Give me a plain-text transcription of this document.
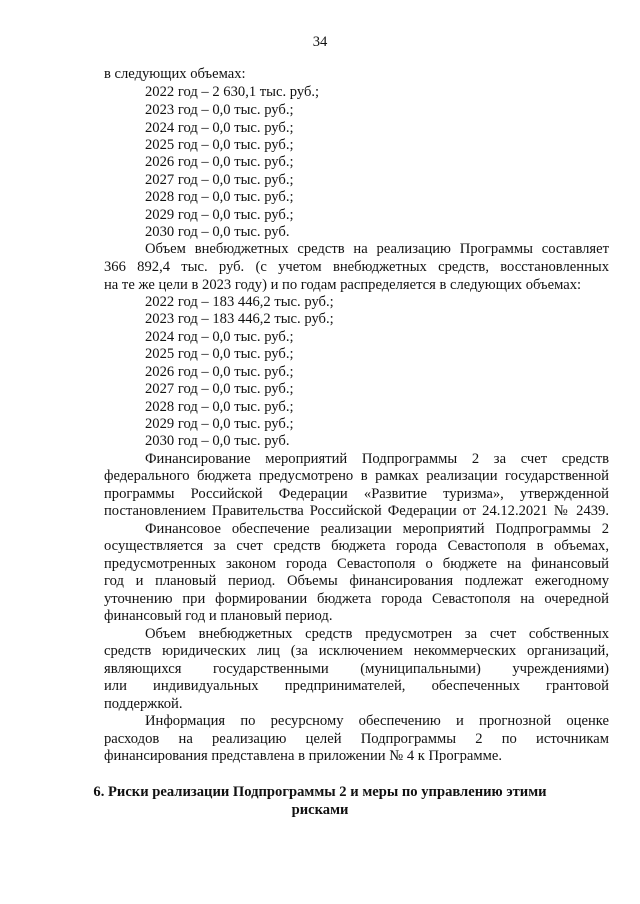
34
в следующих объемах:
2022 год – 2 630,1 тыс. руб.;
2023 год – 0,0 тыс. руб.;
2024 год – 0,0 тыс. руб.;
2025 год – 0,0 тыс. руб.;
2026 год – 0,0 тыс. руб.;
2027 год – 0,0 тыс. руб.;
2028 год – 0,0 тыс. руб.;
2029 год – 0,0 тыс. руб.;
2030 год – 0,0 тыс. руб.
Объем внебюджетных средств на реализацию Программы составляет
366 892,4 тыс. руб. (с учетом внебюджетных средств, восстановленных
на те же цели в 2023 году) и по годам распределяется в следующих объемах:
2022 год – 183 446,2 тыс. руб.;
2023 год – 183 446,2 тыс. руб.;
2024 год – 0,0 тыс. руб.;
2025 год – 0,0 тыс. руб.;
2026 год – 0,0 тыс. руб.;
2027 год – 0,0 тыс. руб.;
2028 год – 0,0 тыс. руб.;
2029 год – 0,0 тыс. руб.;
2030 год – 0,0 тыс. руб.
Финансирование мероприятий Подпрограммы 2 за счет средств
федерального бюджета предусмотрено в рамках реализации государственной
программы Российской Федерации «Развитие туризма», утвержденной
постановлением Правительства Российской Федерации от 24.12.2021 № 2439.
Финансовое обеспечение реализации мероприятий Подпрограммы 2
осуществляется за счет средств бюджета города Севастополя в объемах,
предусмотренных законом города Севастополя о бюджете на финансовый
год и плановый период. Объемы финансирования подлежат ежегодному
уточнению при формировании бюджета города Севастополя на очередной
финансовый год и плановый период.
Объем внебюджетных средств предусмотрен за счет собственных
средств юридических лиц (за исключением некоммерческих организаций,
являющихся государственными (муниципальными) учреждениями)
или индивидуальных предпринимателей, обеспеченных грантовой
поддержкой.
Информация по ресурсному обеспечению и прогнозной оценке
расходов на реализацию целей Подпрограммы 2 по источникам
финансирования представлена в приложении № 4 к Программе.
6. Риски реализации Подпрограммы 2 и меры по управлению этими
рисками
